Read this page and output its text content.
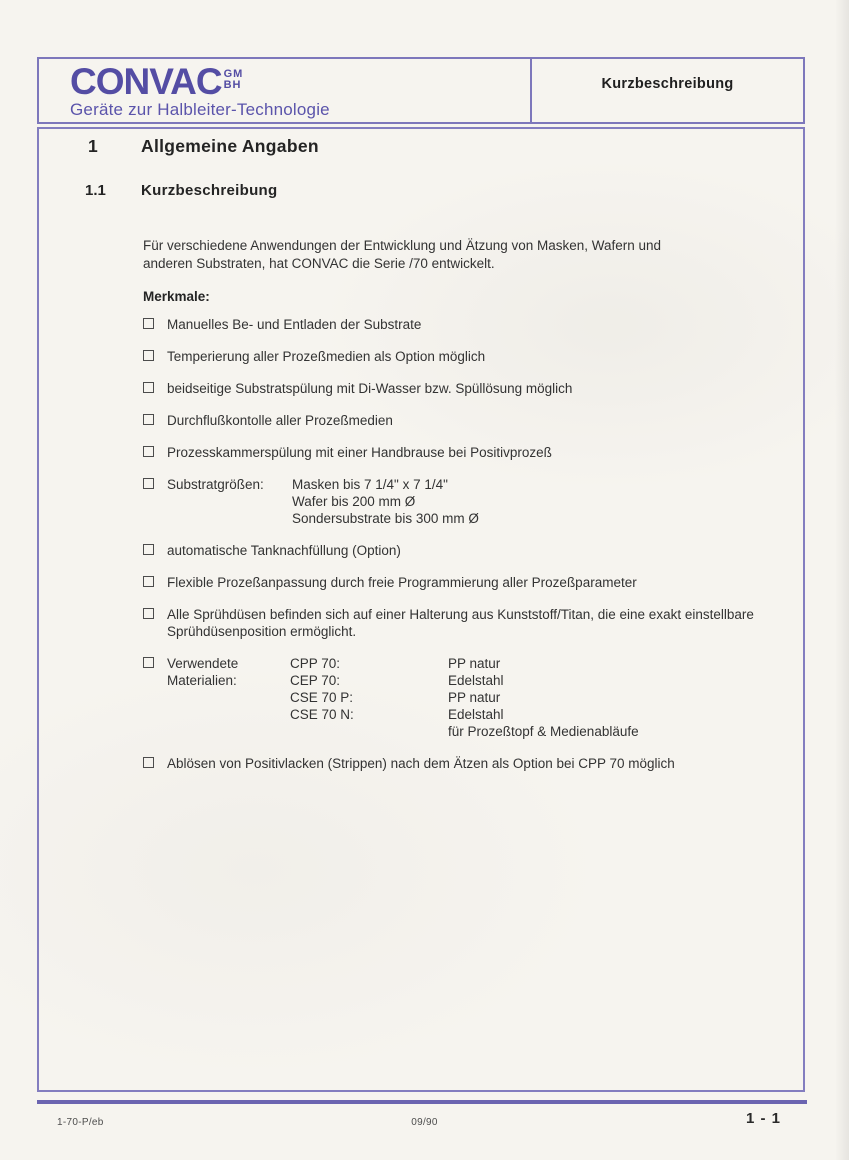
CONVAC GM
BH
Geräte zur Halbleiter-Technologie
Kurzbeschreibung
1	Allgemeine Angaben
1.1	Kurzbeschreibung

Für verschiedene Anwendungen der Entwicklung und Ätzung von Masken, Wafern und anderen Substraten, hat CONVAC die Serie /70 entwickelt.

Merkmale:
Manuelles Be- und Entladen der Substrate
Temperierung aller Prozeßmedien als Option möglich
beidseitige Substratspülung mit Di-Wasser bzw. Spüllösung möglich
Durchflußkontolle aller Prozeßmedien
Prozesskammerspülung mit einer Handbrause bei Positivprozeß
Substratgrößen:	Masken bis 7 1/4" x 7 1/4"
Wafer bis 200 mm Ø
Sondersubstrate bis 300 mm Ø
automatische Tanknachfüllung (Option)
Flexible Prozeßanpassung durch freie Programmierung aller Prozeßparameter
Alle Sprühdüsen befinden sich auf einer Halterung aus Kunststoff/Titan, die eine exakt einstellbare Sprühdüsenposition ermöglicht.
Verwendete Materialien:
CPP 70:	PP natur
CEP 70:	Edelstahl
CSE 70 P:	PP natur
CSE 70 N:	Edelstahl
für Prozeßtopf & Medienabläufe
Ablösen von Positivlacken (Strippen) nach dem Ätzen als Option bei CPP 70 möglich
1-70-P/eb	09/90	1 - 1
